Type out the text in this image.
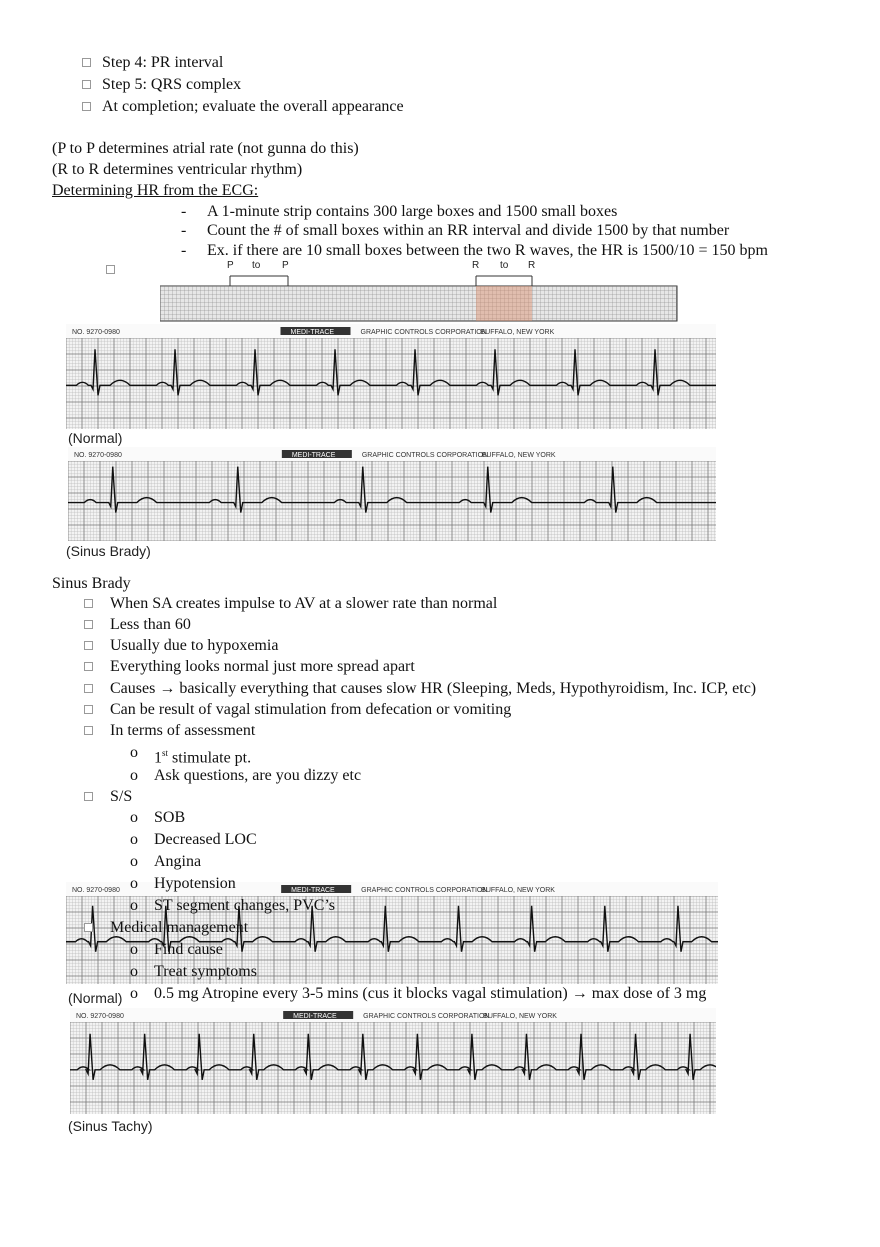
Step 4: PR interval
Step 5: QRS complex
At completion; evaluate the overall appearance
(P to P determines atrial rate (not gunna do this)
(R to R determines ventricular rhythm)
Determining HR from the ECG:
- A 1-minute strip contains 300 large boxes and 1500 small boxes
- Count the # of small boxes within an RR interval and divide 1500 by that number
- Ex. if there are 10 small boxes between the two R waves, the HR is 1500/10 = 150 bpm
P to P	R to R
NO. 9270-0980	MEDI-TRACE	GRAPHIC CONTROLS CORPORATION
BUFFALO, NEW YORK
(Normal)
NO. 9270-0980	MEDI-TRACE	GRAPHIC CONTROLS CORPORATION
BUFFALO, NEW YORK
(Sinus Brady)
Sinus Brady
When SA creates impulse to AV at a slower rate than normal
Less than 60
Usually due to hypoxemia
Everything looks normal just more spread apart
Causes → basically everything that causes slow HR (Sleeping, Meds, Hypothyroidism, Inc. ICP, etc)
Can be result of vagal stimulation from defecation or vomiting
In terms of assessment
o 1st stimulate pt.
o Ask questions, are you dizzy etc
S/S
NO. 9270-0980	MEDI-TRACE	GRAPHIC CONTROLS CORPORATION
BUFFALO, NEW YORK
(Normal)
o SOB
o Decreased LOC
o Angina
o Hypotension
o ST segment changes, PVC’s
Medical management
o Find cause
o Treat symptoms
o 0.5 mg Atropine every 3-5 mins (cus it blocks vagal stimulation) → max dose of 3 mg
NO. 9270-0980	MEDI-TRACE	GRAPHIC CONTROLS CORPORATION
BUFFALO, NEW YORK
(Sinus Tachy)
